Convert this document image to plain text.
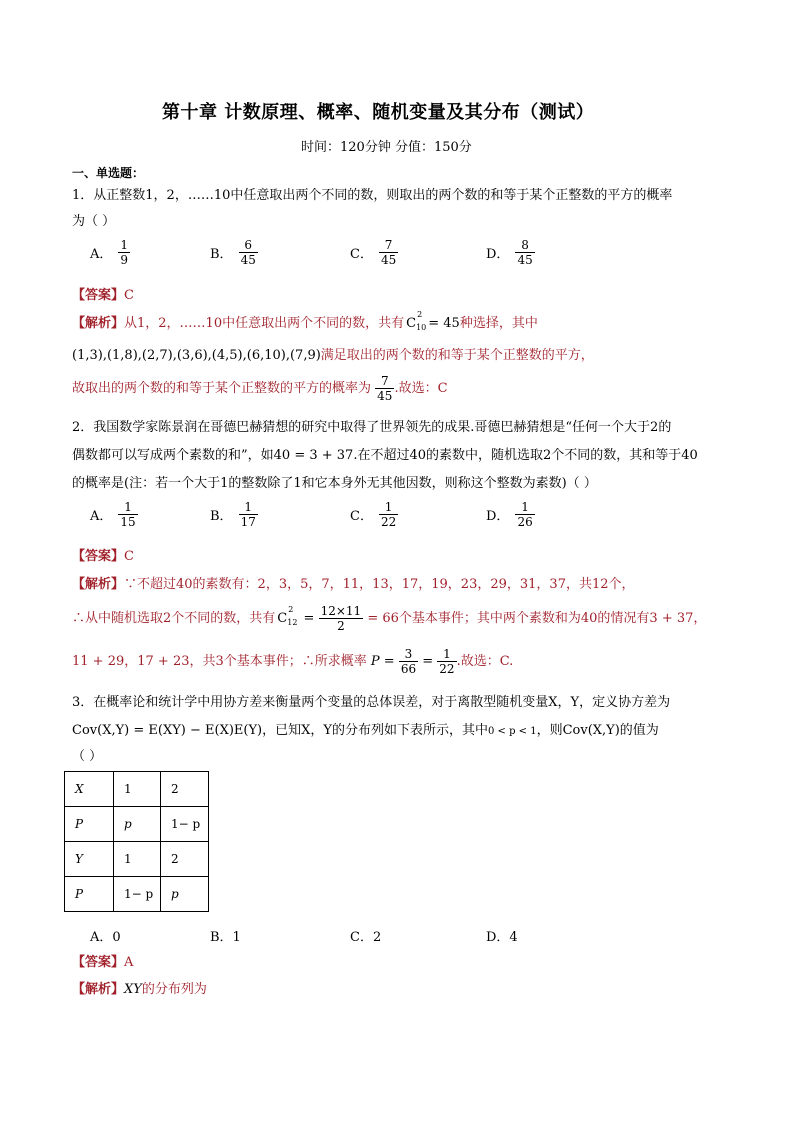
第十章 计数原理、概率、随机变量及其分布（测试）
时间：120分钟 分值：150分
一、单选题：
1．从正整数1，2，……10中任意取出两个不同的数，则取出的两个数的和等于某个正整数的平方的概率
为（ ）
A． $\frac{1}{9}$	B． $\frac{6}{45}$	C． $\frac{7}{45}$	D． $\frac{8}{45}$
【答案】C
【解析】从1，2，……10中任意取出两个不同的数，共有 C
2
$_{10}$ = 45种选择，其中
(1,3),(1,8),(2,7),(3,6),(4,5),(6,10),(7,9)满足取出的两个数的和等于某个正整数的平方，
故取出的两个数的和等于某个正整数的平方的概率为 $\frac{7}{45}$ .故选：C
2．我国数学家陈景润在哥德巴赫猜想的研究中取得了世界领先的成果.哥德巴赫猜想是“任何一个大于2的
偶数都可以写成两个素数的和”，如40 = 3 + 37.在不超过40的素数中，随机选取2个不同的数，其和等于40
的概率是(注：若一个大于1的整数除了1和它本身外无其他因数，则称这个整数为素数)（ ）
A． $\frac{1}{15}$	B． $\frac{1}{17}$	C． $\frac{1}{22}$	D． $\frac{1}{26}$
【答案】C
【解析】∵不超过40的素数有：2，3，5，7，11，13，17，19，23，29，31，37，共12个，
∴从中随机选取2个不同的数，共有 C
2
$_{12} = \frac{12\times 11}{2} = 66$个基本事件；其中两个素数和为40的情况有3 + 37，
11 + 29，17 + 23，共3个基本事件；∴所求概率 $P = \frac{3}{66} = \frac{1}{22}$ .故选：C.
3．在概率论和统计学中用协方差来衡量两个变量的总体误差，对于离散型随机变量X，Y，定义协方差为
Cov(X,Y) = E(XY) − E(X)E(Y)，已知X，Y的分布列如下表所示，其中0 < p < 1，则Cov(X,Y)的值为
（ ）
X	1	2
P	p	1− p
Y	1	2
P	1− p	p
A．0	B．1	C．2	D．4
【答案】A
【解析】XY的分布列为
